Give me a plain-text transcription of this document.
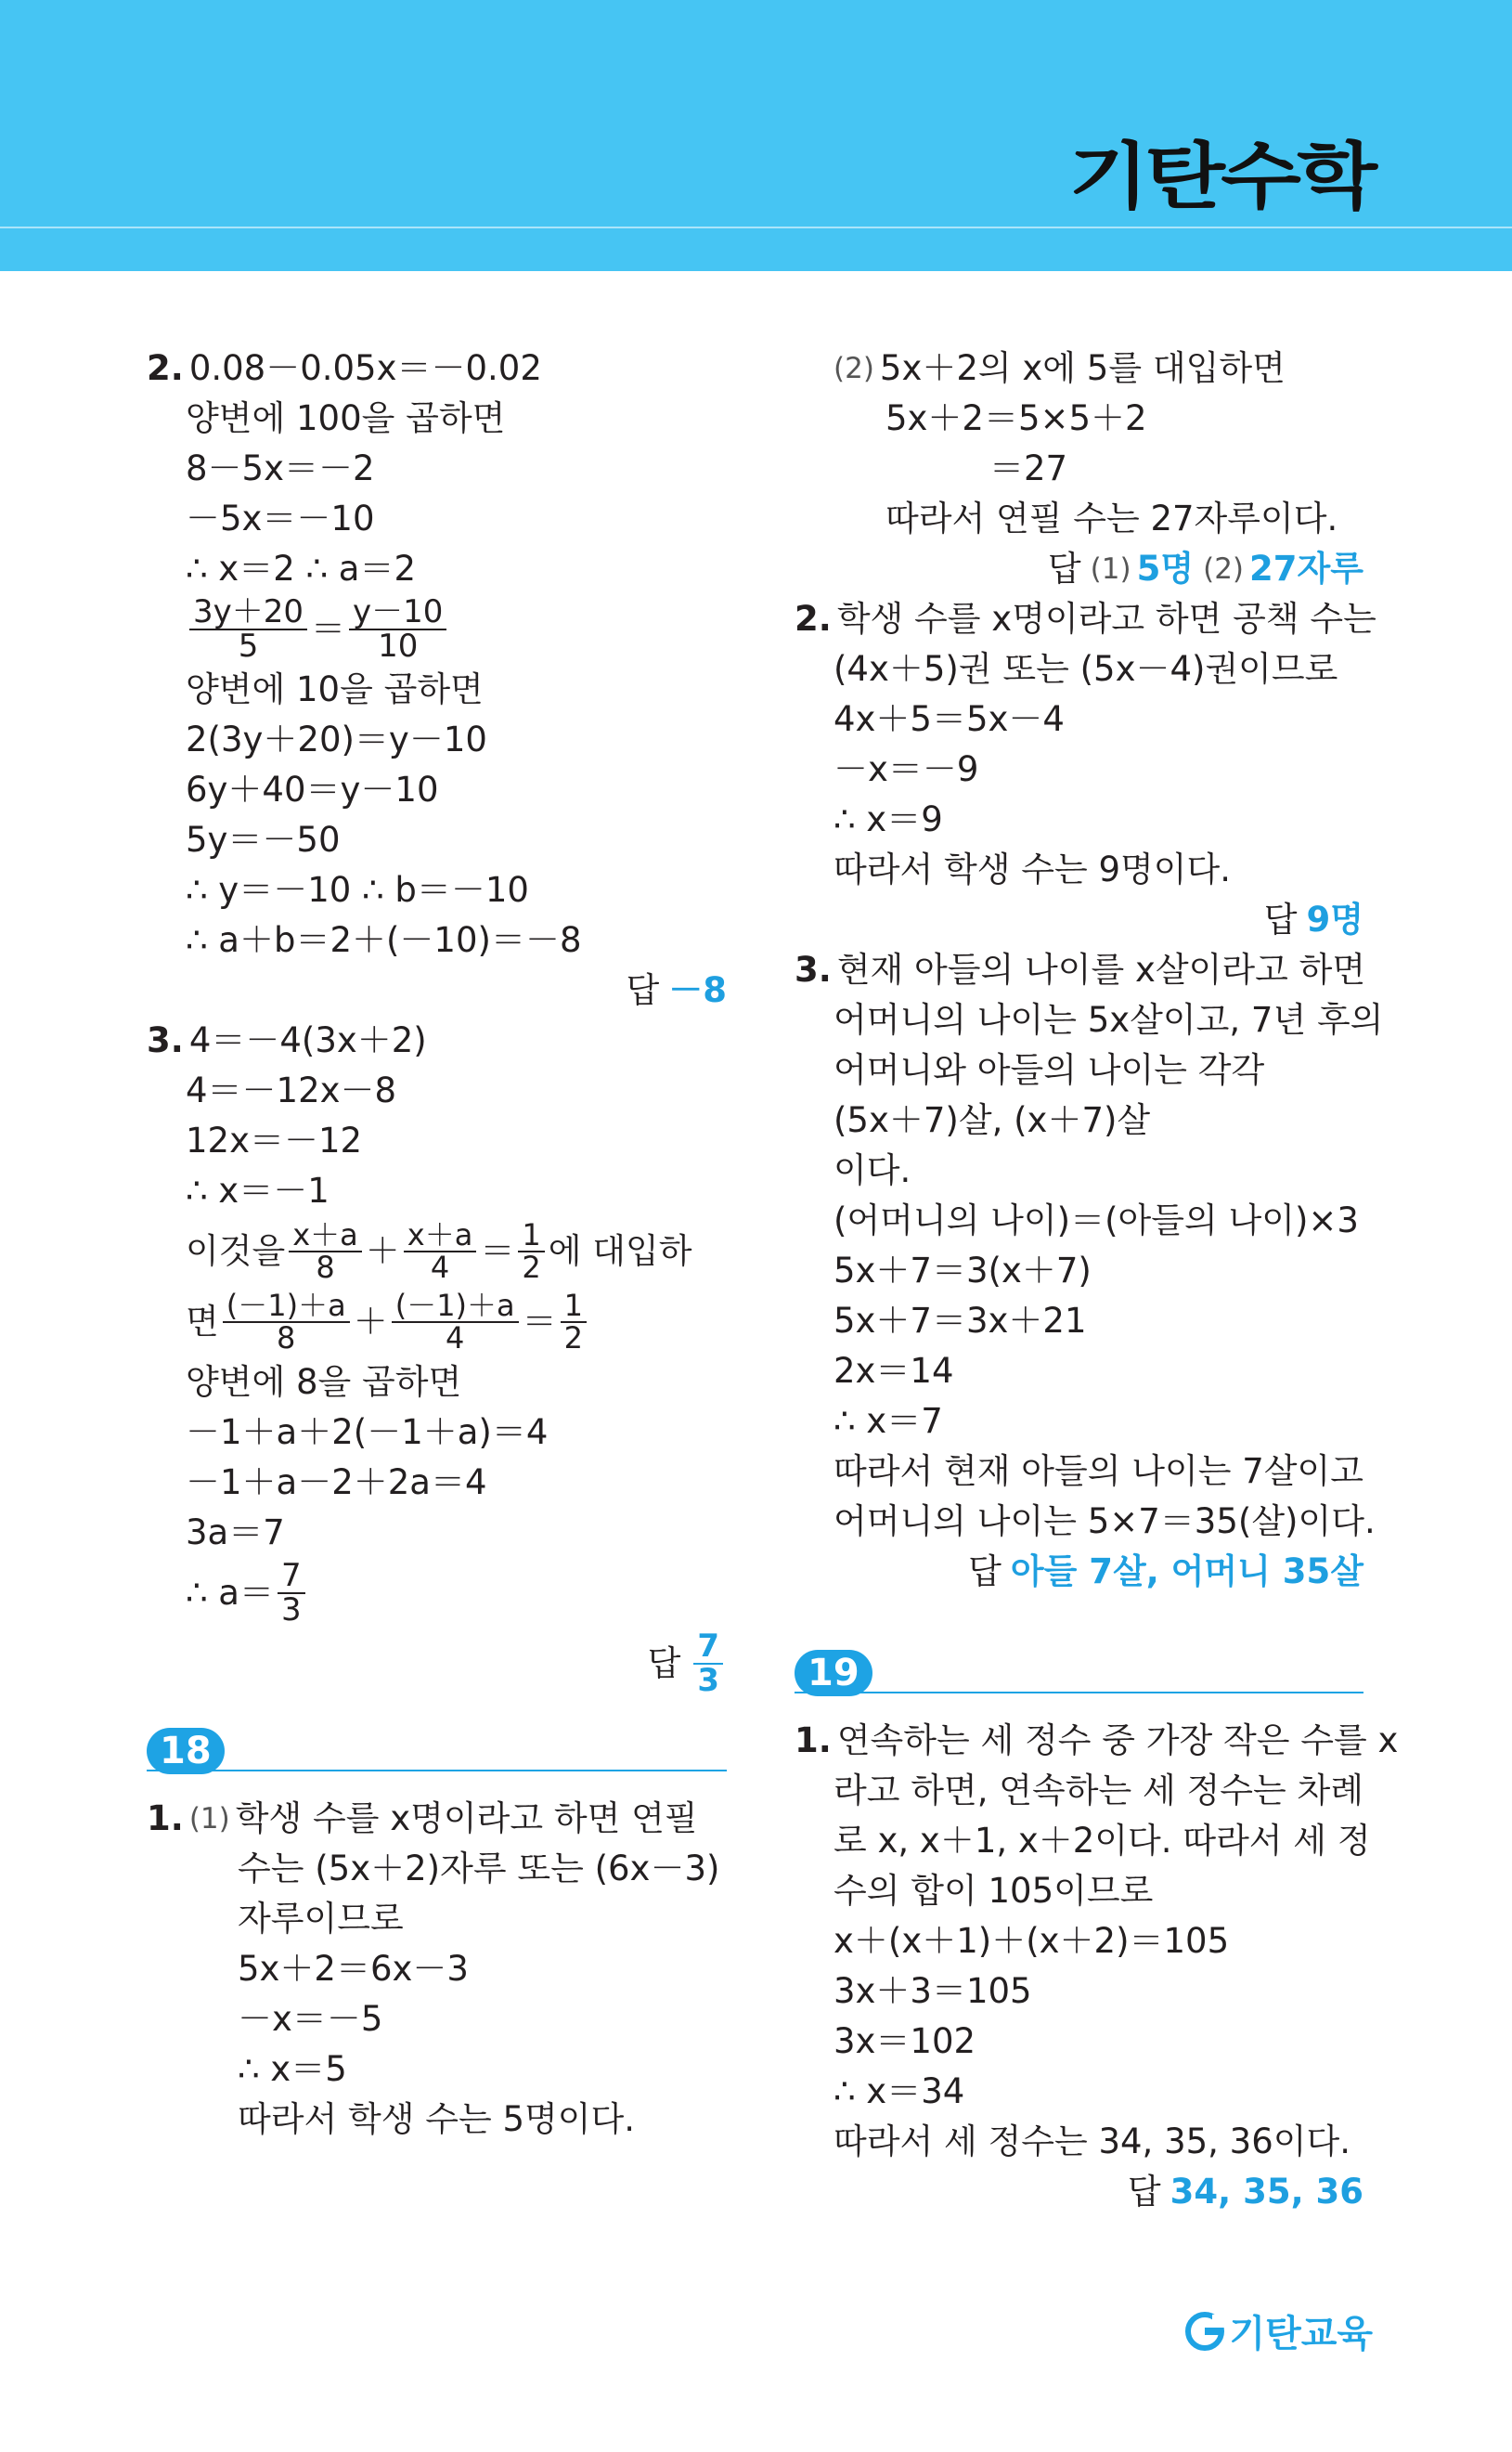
기탄수학
2. 0.08－0.05x＝－0.02
양변에 100을 곱하면
8－5x＝－2
－5x＝－10
∴ x＝2 ∴ a＝2
$\frac{3y+20}{5} = \frac{y-10}{10}$
양변에 10을 곱하면
2(3y＋20)＝y－10
6y＋40＝y－10
5y＝－50
∴ y＝－10 ∴ b＝－10
∴ a＋b＝2＋(－10)＝－8
답 －8
3. 4＝－4(3x＋2)
4＝－12x－8
12x＝－12
∴ x＝－1
이것을 $\frac{x+a}{8} + \frac{x+a}{4} = \frac{1}{2}$ 에 대입하
면 $\frac{(-1)+a}{8} + \frac{(-1)+a}{4} = \frac{1}{2}$
양변에 8을 곱하면
－1＋a＋2(－1＋a)＝4
－1＋a－2＋2a＝4
3a＝7
∴ $a= \frac{7}{3}$
답 $\frac{7}{3}$
18
1. (1) 학생 수를 x명이라고 하면 연필
수는 (5x＋2)자루 또는 (6x－3)
자루이므로
5x＋2＝6x－3
－x＝－5
∴ x＝5
따라서 학생 수는 5명이다.
(2) 5x＋2의 x에 5를 대입하면
5x＋2＝5×5＋2
＝27
따라서 연필 수는 27자루이다.
답 (1) 5명 (2) 27자루
2. 학생 수를 x명이라고 하면 공책 수는
(4x＋5)권 또는 (5x－4)권이므로
4x＋5＝5x－4
－x＝－9
∴ x＝9
따라서 학생 수는 9명이다.
답 9명
3. 현재 아들의 나이를 x살이라고 하면
어머니의 나이는 5x살이고, 7년 후의
어머니와 아들의 나이는 각각
(5x＋7)살, (x＋7)살
이다.
(어머니의 나이)＝(아들의 나이)×3
5x＋7＝3(x＋7)
5x＋7＝3x＋21
2x＝14
∴ x＝7
따라서 현재 아들의 나이는 7살이고
어머니의 나이는 5×7＝35(살)이다.
답 아들 7살, 어머니 35살
19
1. 연속하는 세 정수 중 가장 작은 수를 x
라고 하면, 연속하는 세 정수는 차례
로 x, x＋1, x＋2이다. 따라서 세 정
수의 합이 105이므로
x＋(x＋1)＋(x＋2)＝105
3x＋3＝105
3x＝102
∴ x＝34
따라서 세 정수는 34, 35, 36이다.
답 34, 35, 36
기탄교육
